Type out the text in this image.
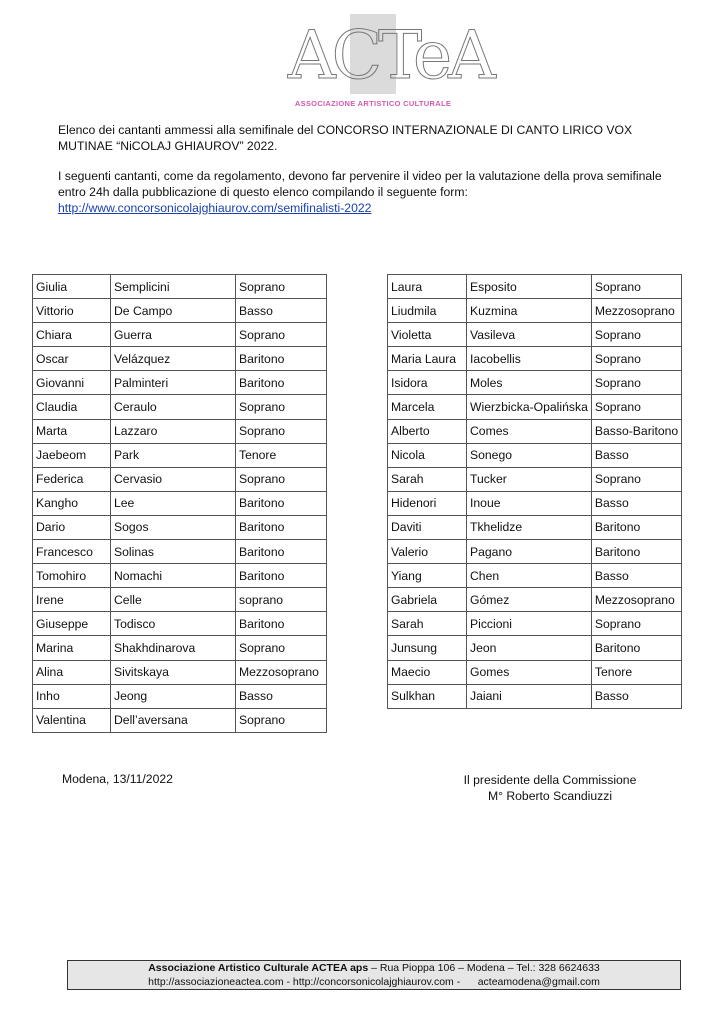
ACTeA
ASSOCIAZIONE ARTISTICO CULTURALE

Elenco dei cantanti ammessi alla semifinale del CONCORSO INTERNAZIONALE DI CANTO LIRICO VOX MUTINAE “NiCOLAJ GHIAUROV” 2022.

I seguenti cantanti, come da regolamento, devono far pervenire il video per la valutazione della prova semifinale entro 24h dalla pubblicazione di questo elenco compilando il seguente form:
http://www.concorsonicolajghiaurov.com/semifinalisti-2022

Giulia	Semplicini	Soprano
Vittorio	De Campo	Basso
Chiara	Guerra	Soprano
Oscar	Velázquez	Baritono
Giovanni	Palminteri	Baritono
Claudia	Ceraulo	Soprano
Marta	Lazzaro	Soprano
Jaebeom	Park	Tenore
Federica	Cervasio	Soprano
Kangho	Lee	Baritono
Dario	Sogos	Baritono
Francesco	Solinas	Baritono
Tomohiro	Nomachi	Baritono
Irene	Celle	soprano
Giuseppe	Todisco	Baritono
Marina	Shakhdinarova	Soprano
Alina	Sivitskaya	Mezzosoprano
Inho	Jeong	Basso
Valentina	Dell’aversana	Soprano
Laura	Esposito	Soprano
Liudmila	Kuzmina	Mezzosoprano
Violetta	Vasileva	Soprano
Maria Laura	Iacobellis	Soprano
Isidora	Moles	Soprano
Marcela	Wierzbicka-Opalińska	Soprano
Alberto	Comes	Basso-Baritono
Nicola	Sonego	Basso
Sarah	Tucker	Soprano
Hidenori	Inoue	Basso
Daviti	Tkhelidze	Baritono
Valerio	Pagano	Baritono
Yiang	Chen	Basso
Gabriela	Gómez	Mezzosoprano
Sarah	Piccioni	Soprano
Junsung	Jeon	Baritono
Maecio	Gomes	Tenore
Sulkhan	Jaiani	Basso
Modena, 13/11/2022	Il presidente della Commissione
M° Roberto Scandiuzzi
Associazione Artistico Culturale ACTEA aps – Rua Pioppa 106 – Modena – Tel.: 328 6624633
http://associazioneactea.com - http://concorsonicolajghiaurov.com -      acteamodena@gmail.com
